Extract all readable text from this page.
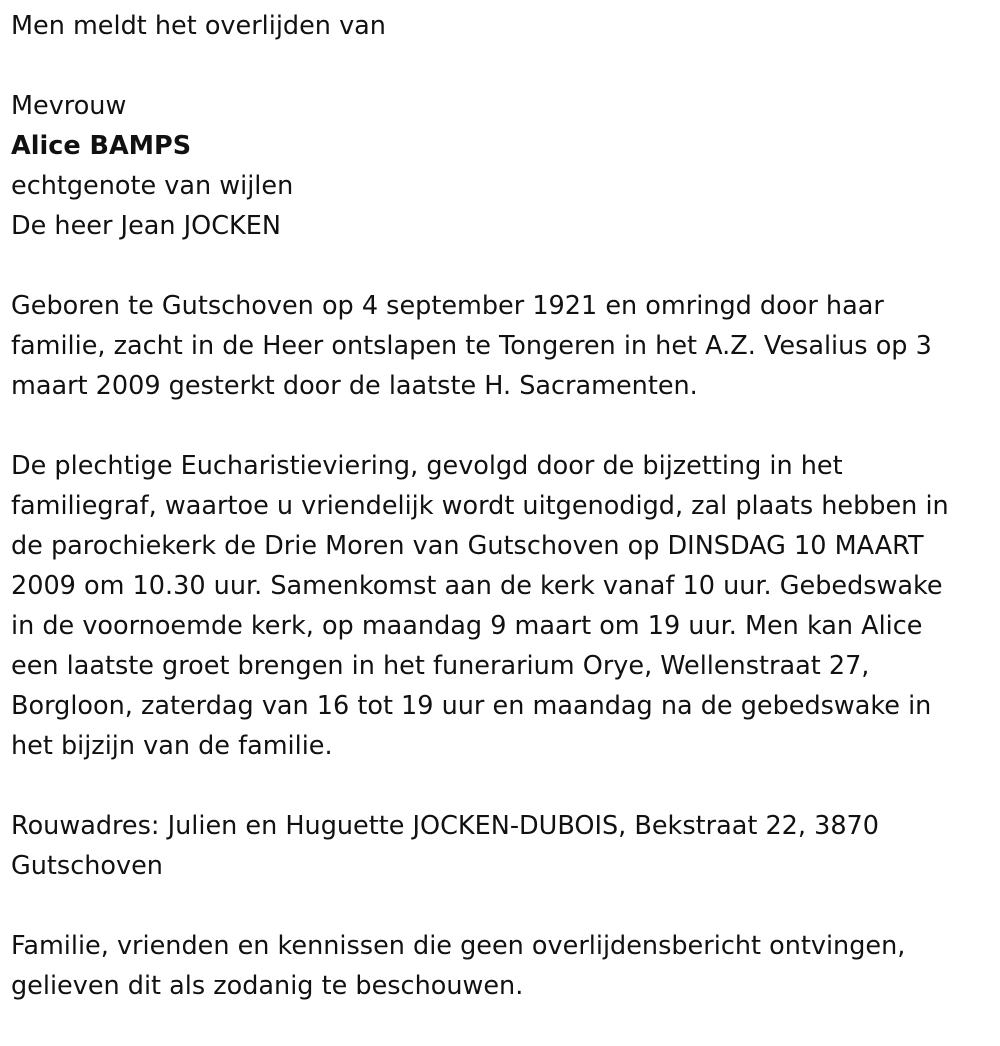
Men meldt het overlijden van

Mevrouw

Alice BAMPS

echtgenote van wijlen

De heer Jean JOCKEN

Geboren te Gutschoven op 4 september 1921 en omringd door haar
familie, zacht in de Heer ontslapen te Tongeren in het A.Z. Vesalius op 3
maart 2009 gesterkt door de laatste H. Sacramenten.

De plechtige Eucharistieviering, gevolgd door de bijzetting in het
familiegraf, waartoe u vriendelijk wordt uitgenodigd, zal plaats hebben in
de parochiekerk de Drie Moren van Gutschoven op DINSDAG 10 MAART
2009 om 10.30 uur. Samenkomst aan de kerk vanaf 10 uur. Gebedswake
in de voornoemde kerk, op maandag 9 maart om 19 uur. Men kan Alice
een laatste groet brengen in het funerarium Orye, Wellenstraat 27,
Borgloon, zaterdag van 16 tot 19 uur en maandag na de gebedswake in
het bijzijn van de familie.

Rouwadres: Julien en Huguette JOCKEN-DUBOIS, Bekstraat 22, 3870
Gutschoven

Familie, vrienden en kennissen die geen overlijdensbericht ontvingen,
gelieven dit als zodanig te beschouwen.
